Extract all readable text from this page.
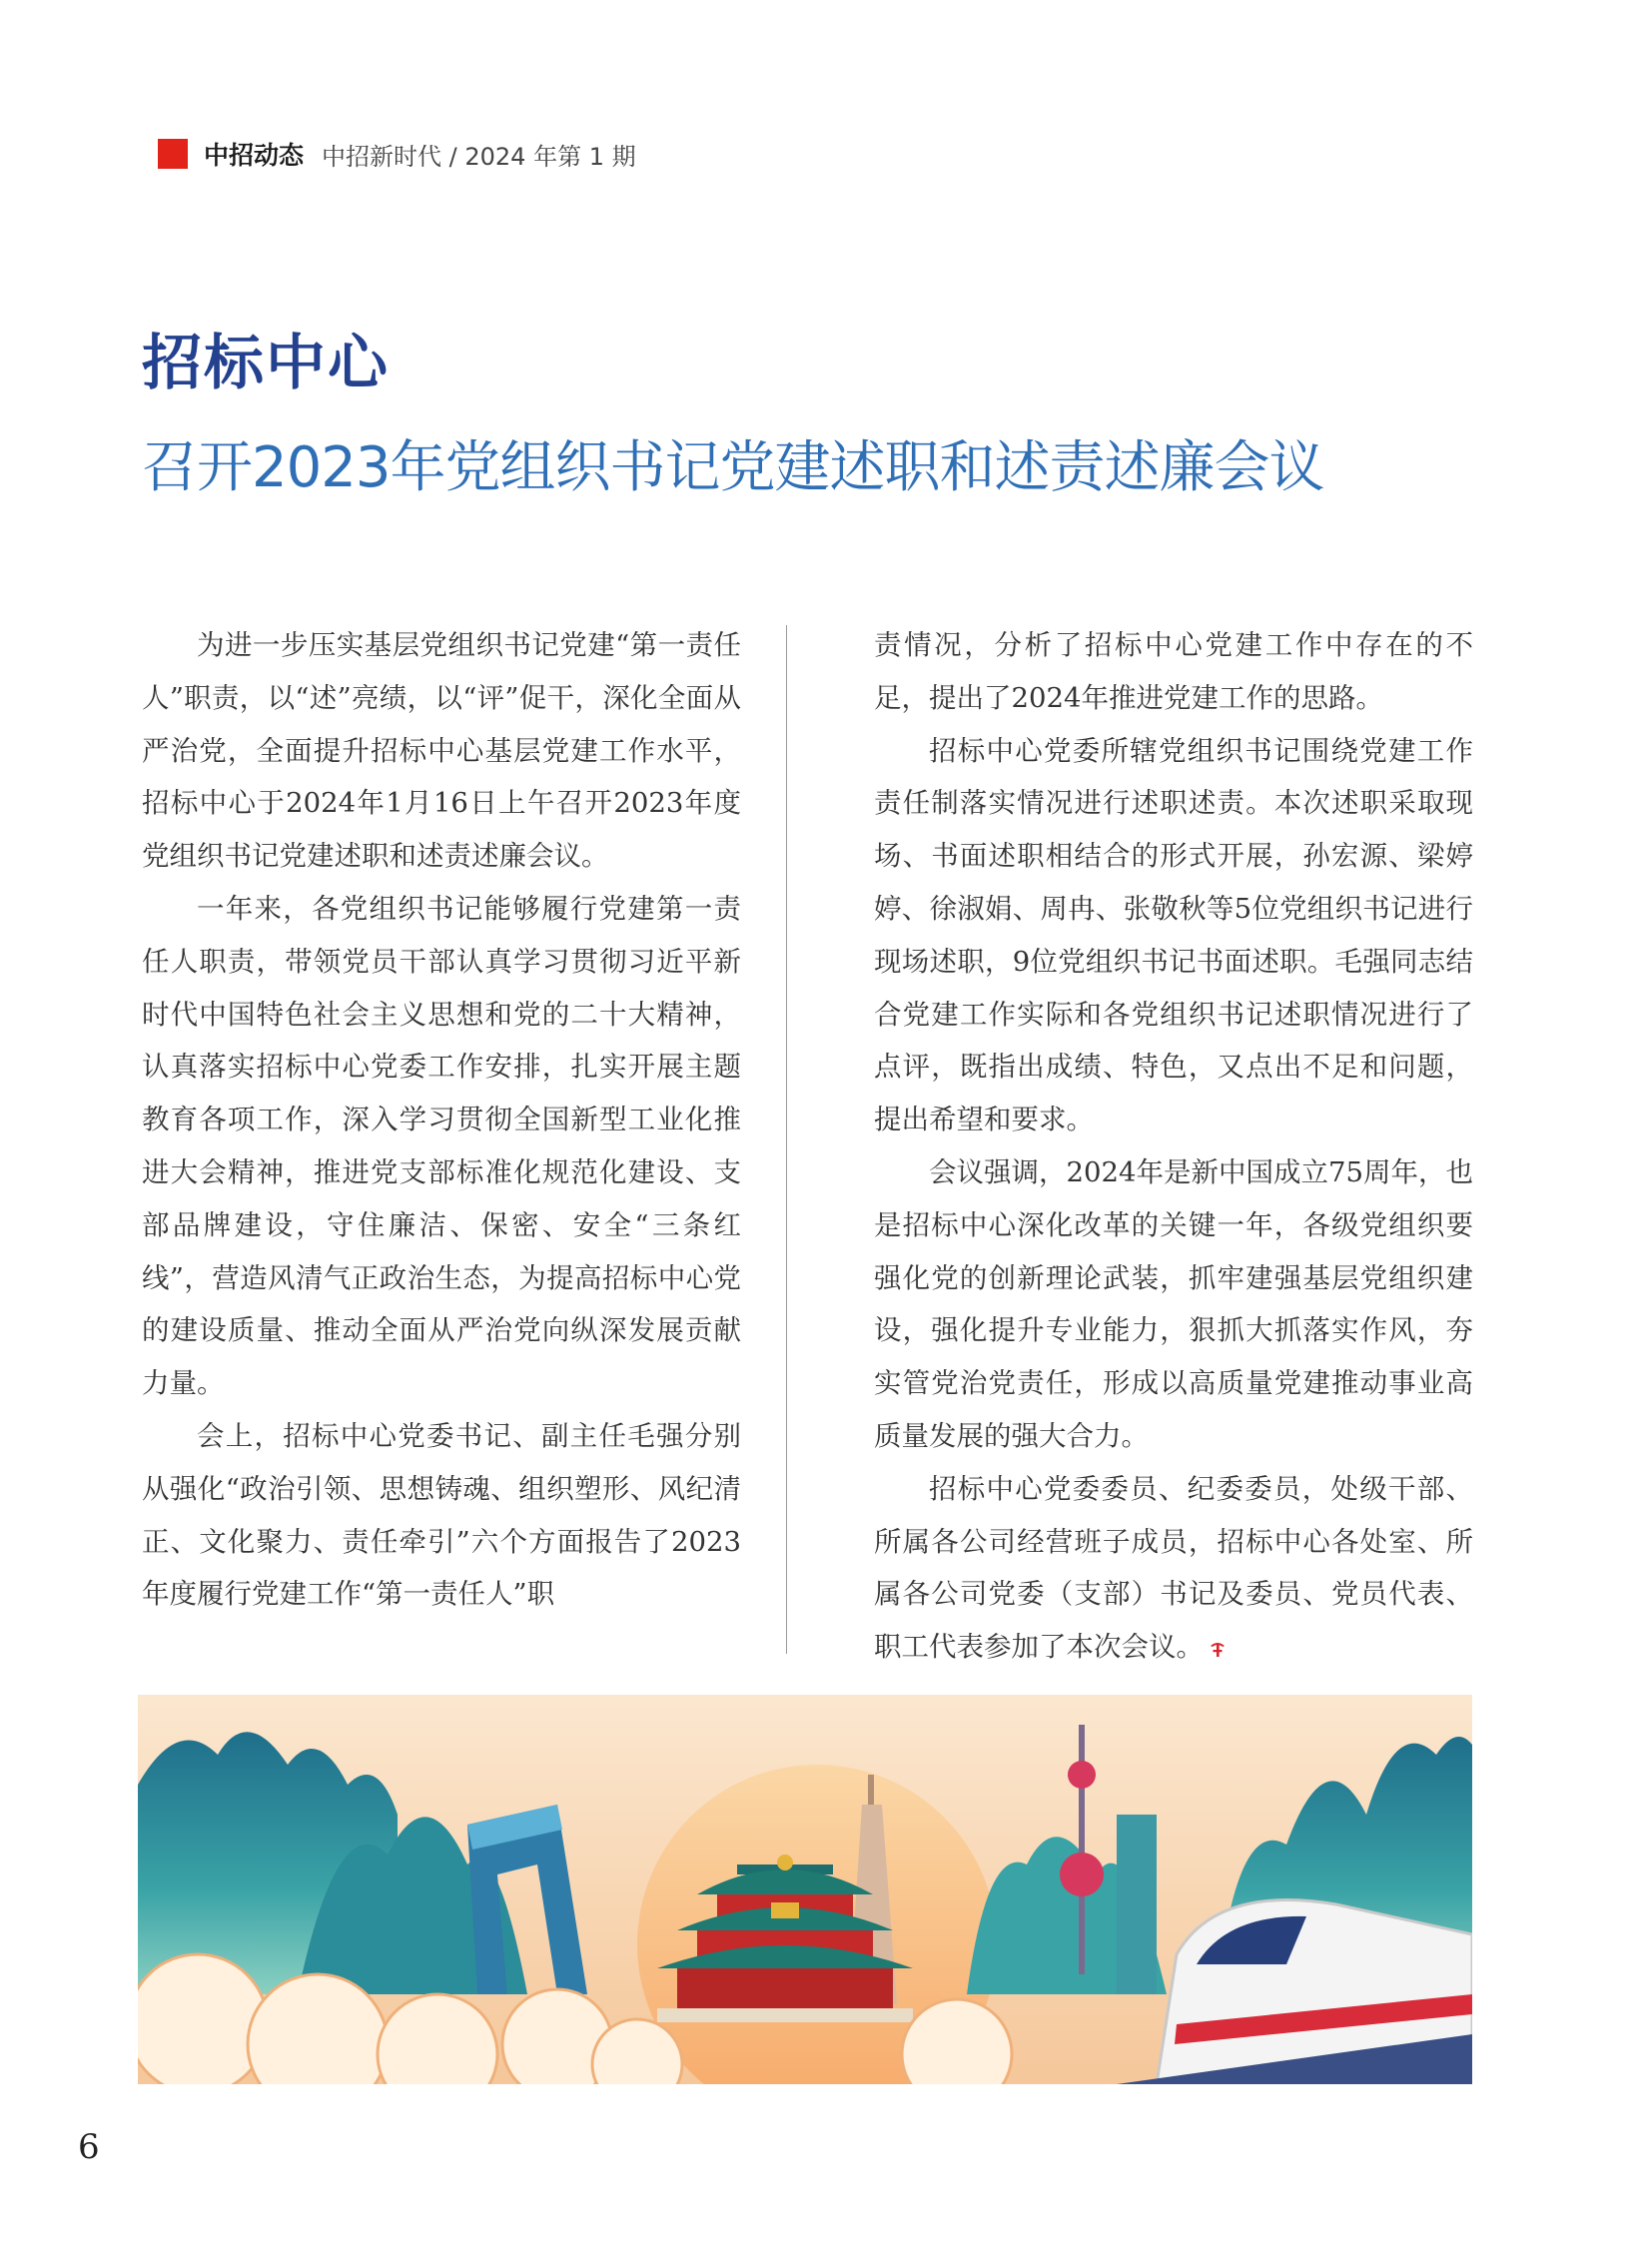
中招动态 中招新时代 / 2024 年第 1 期
招标中心
召开2023年党组织书记党建述职和述责述廉会议

为进一步压实基层党组织书记党建“第一责任人”职责，以“述”亮绩，以“评”促干，深化全面从严治党，全面提升招标中心基层党建工作水平，招标中心于2024年1月16日上午召开2023年度党组织书记党建述职和述责述廉会议。

一年来，各党组织书记能够履行党建第一责任人职责，带领党员干部认真学习贯彻习近平新时代中国特色社会主义思想和党的二十大精神，认真落实招标中心党委工作安排，扎实开展主题教育各项工作，深入学习贯彻全国新型工业化推进大会精神，推进党支部标准化规范化建设、支部品牌建设，守住廉洁、保密、安全“三条红线”，营造风清气正政治生态，为提高招标中心党的建设质量、推动全面从严治党向纵深发展贡献力量。

会上，招标中心党委书记、副主任毛强分别从强化“政治引领、思想铸魂、组织塑形、风纪清正、文化聚力、责任牵引”六个方面报告了2023年度履行党建工作“第一责任人”职

责情况，分析了招标中心党建工作中存在的不足，提出了2024年推进党建工作的思路。

招标中心党委所辖党组织书记围绕党建工作责任制落实情况进行述职述责。本次述职采取现场、书面述职相结合的形式开展，孙宏源、梁婷婷、徐淑娟、周冉、张敬秋等5位党组织书记进行现场述职，9位党组织书记书面述职。毛强同志结合党建工作实际和各党组织书记述职情况进行了点评，既指出成绩、特色，又点出不足和问题，提出希望和要求。

会议强调，2024年是新中国成立75周年，也是招标中心深化改革的关键一年，各级党组织要强化党的创新理论武装，抓牢建强基层党组织建设，强化提升专业能力，狠抓大抓落实作风，夯实管党治党责任，形成以高质量党建推动事业高质量发展的强大合力。

招标中心党委委员、纪委委员，处级干部、所属各公司经营班子成员，招标中心各处室、所属各公司党委（支部）书记及委员、党员代表、职工代表参加了本次会议。

6
